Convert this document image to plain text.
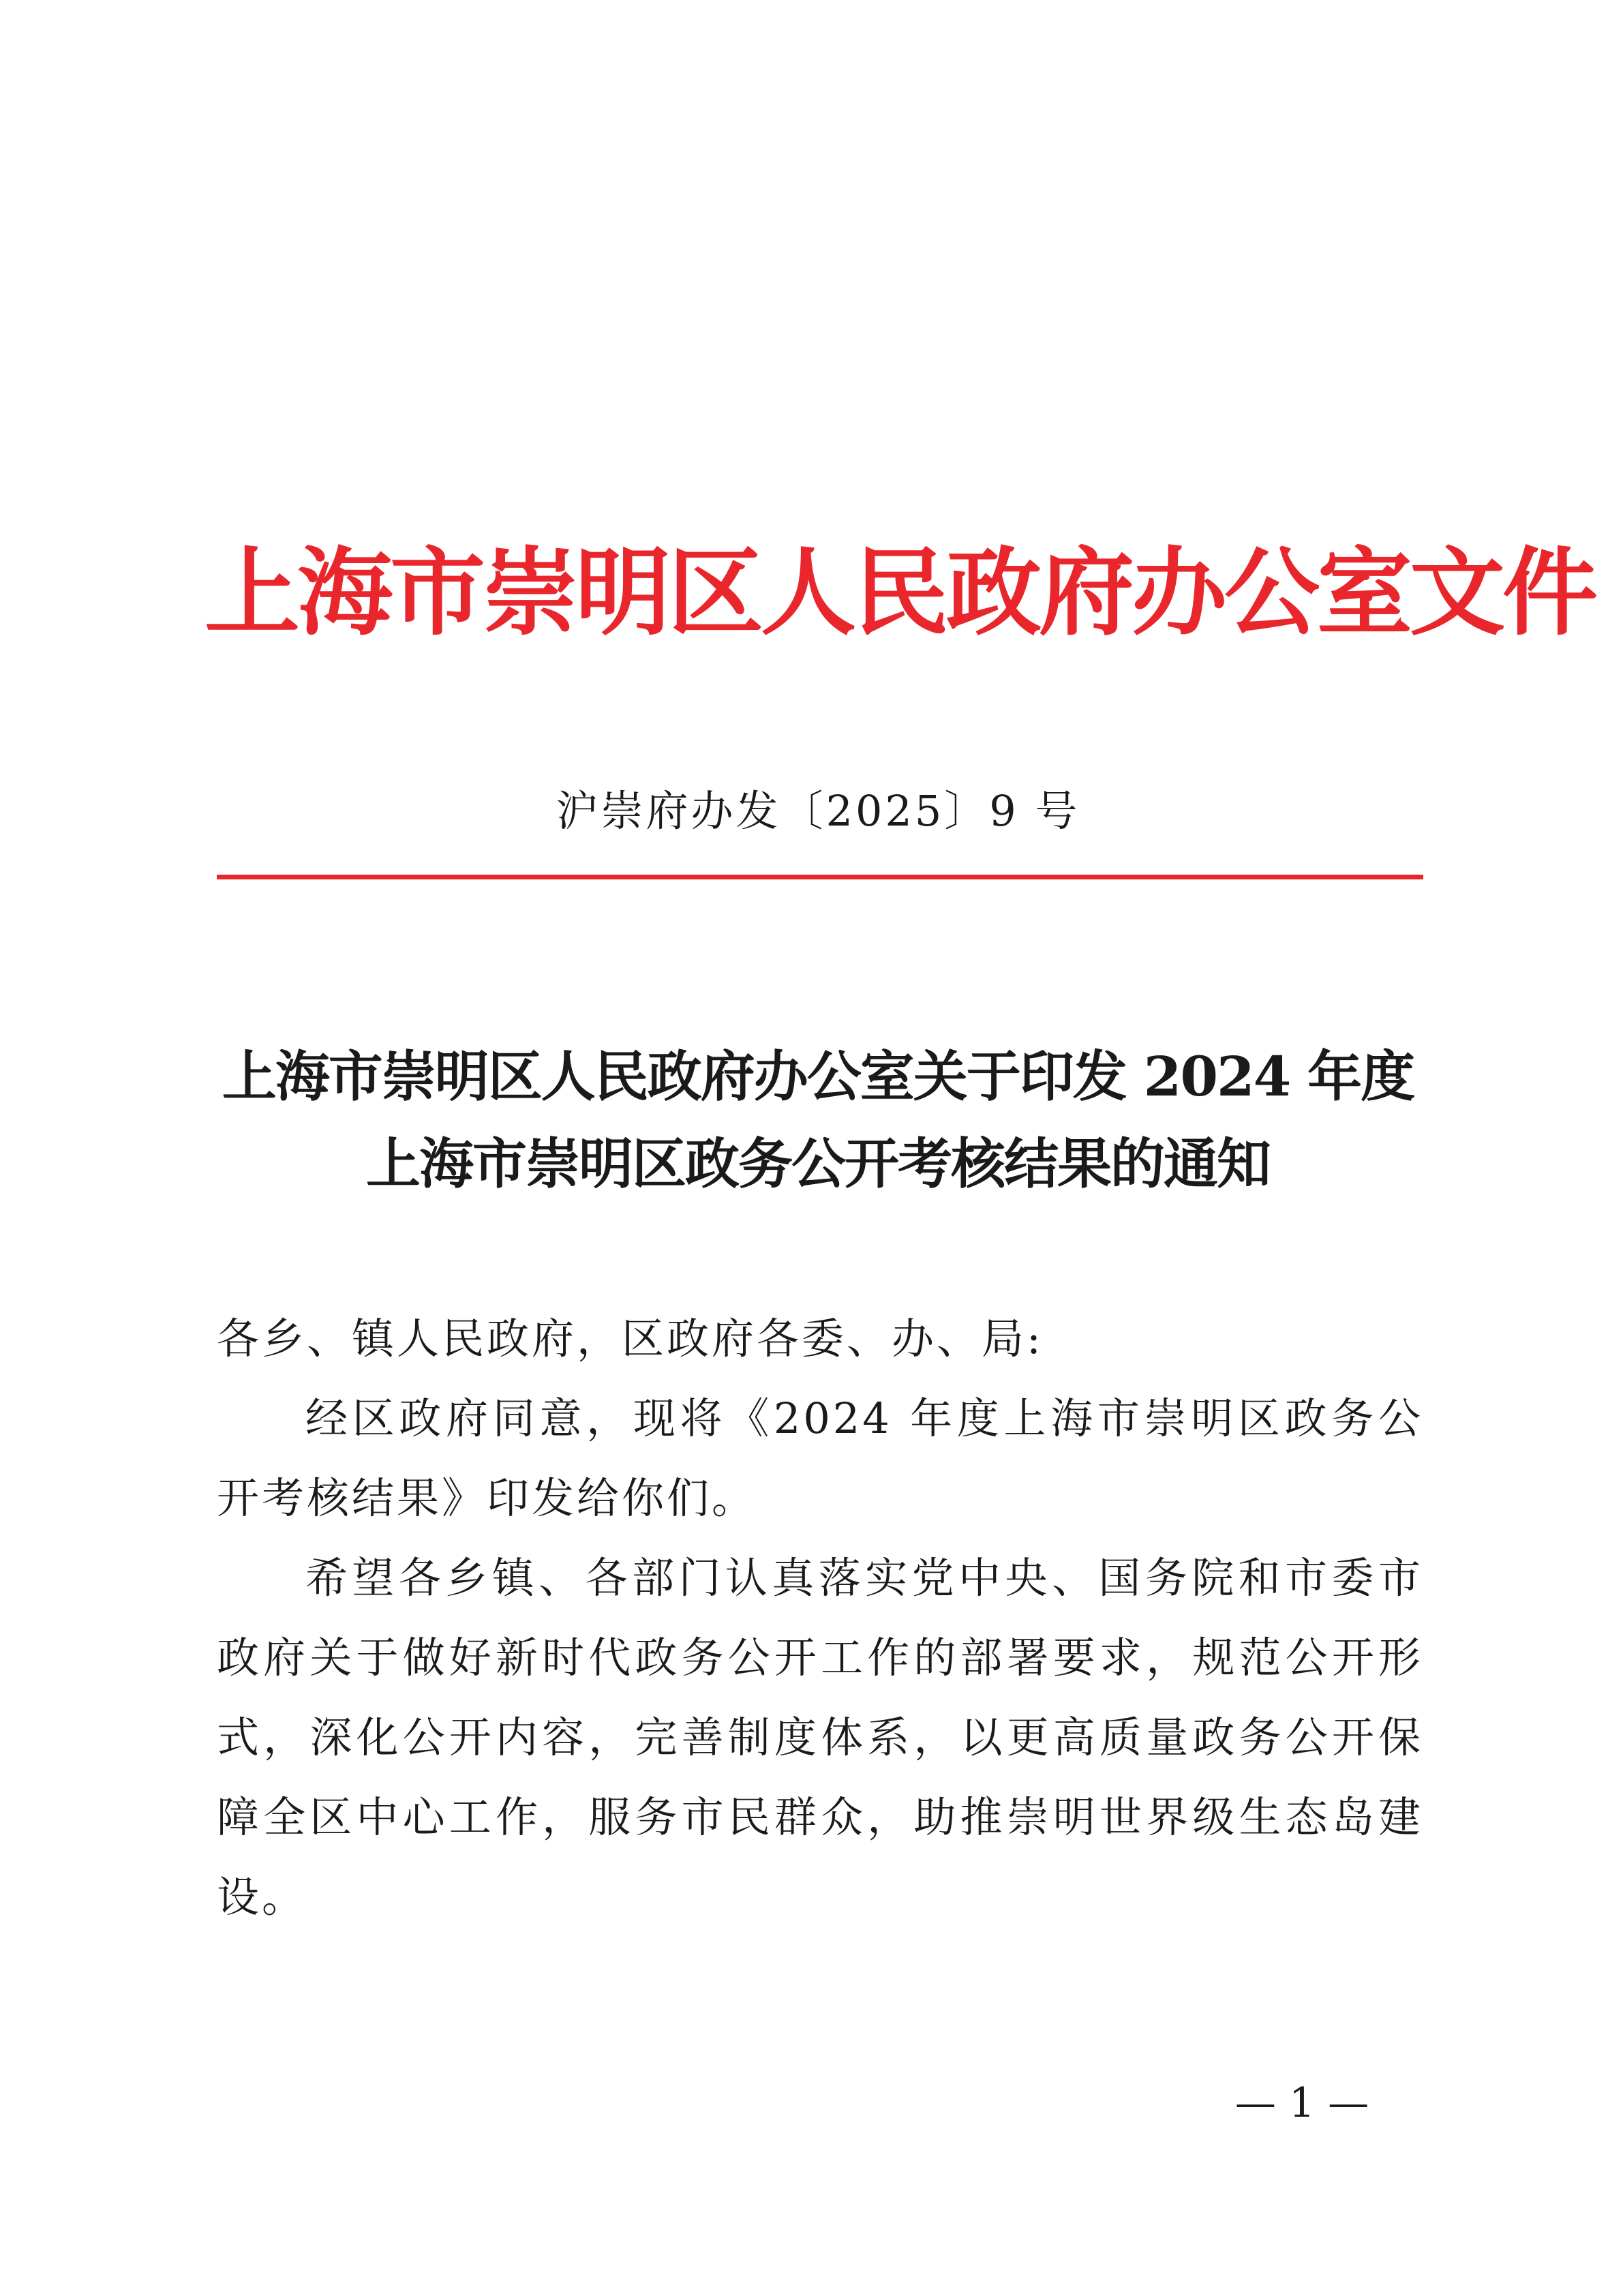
上海市崇明区人民政府办公室文件
沪崇府办发〔2025〕9 号
上海市崇明区人民政府办公室关于印发 2024 年度
上海市崇明区政务公开考核结果的通知

各乡、镇人民政府，区政府各委、办、局:

经区政府同意，现将《2024 年度上海市崇明区政务公开考核结果》印发给你们。

希望各乡镇、各部门认真落实党中央、国务院和市委市政府关于做好新时代政务公开工作的部署要求，规范公开形式，深化公开内容，完善制度体系，以更高质量政务公开保障全区中心工作，服务市民群众，助推崇明世界级生态岛建设。

— 1 —
